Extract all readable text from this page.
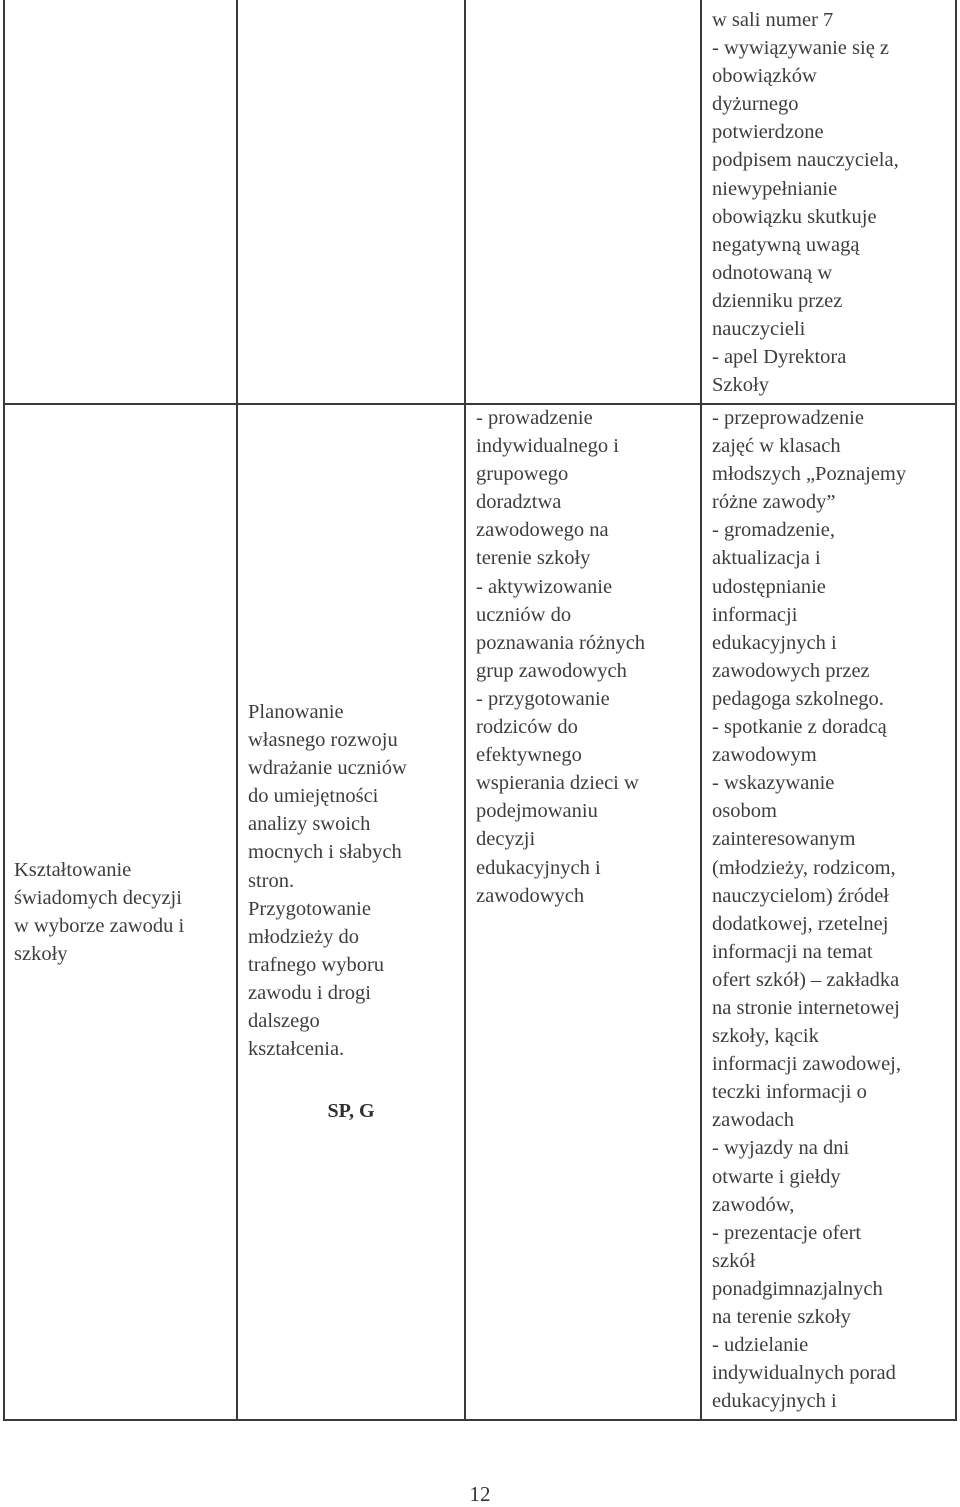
w sali numer 7
- wywiązywanie się z obowiązków
dyżurnego
potwierdzone
podpisem nauczyciela,
niewypełnianie
obowiązku skutkuje
negatywną uwagą
odnotowaną w
dzienniku przez
nauczycieli
- apel Dyrektora
Szkoły
Kształtowanie
świadomych decyzji
w wyborze zawodu i
szkoły
Planowanie
własnego rozwoju
wdrażanie uczniów
do umiejętności
analizy swoich
mocnych i słabych
stron.
Przygotowanie
młodzieży do
trafnego wyboru
zawodu i drogi
dalszego
kształcenia.
SP, G
- prowadzenie
indywidualnego i
grupowego
doradztwa
zawodowego na
terenie szkoły
- aktywizowanie
uczniów do
poznawania różnych
grup zawodowych
- przygotowanie
rodziców do
efektywnego
wspierania dzieci w
podejmowaniu
decyzji
edukacyjnych i
zawodowych
- przeprowadzenie
zajęć w klasach
młodszych „Poznajemy
różne zawody”
- gromadzenie,
aktualizacja i
udostępnianie
informacji
edukacyjnych i
zawodowych przez
pedagoga szkolnego.
- spotkanie z doradcą
zawodowym
- wskazywanie
osobom
zainteresowanym
(młodzieży, rodzicom,
nauczycielom) źródeł
dodatkowej, rzetelnej
informacji na temat
ofert szkół) – zakładka
na stronie internetowej
szkoły, kącik
informacji zawodowej,
teczki informacji o
zawodach
- wyjazdy na dni
otwarte i giełdy
zawodów,
- prezentacje ofert
szkół
ponadgimnazjalnych
na terenie szkoły
- udzielanie
indywidualnych porad
edukacyjnych i
12
